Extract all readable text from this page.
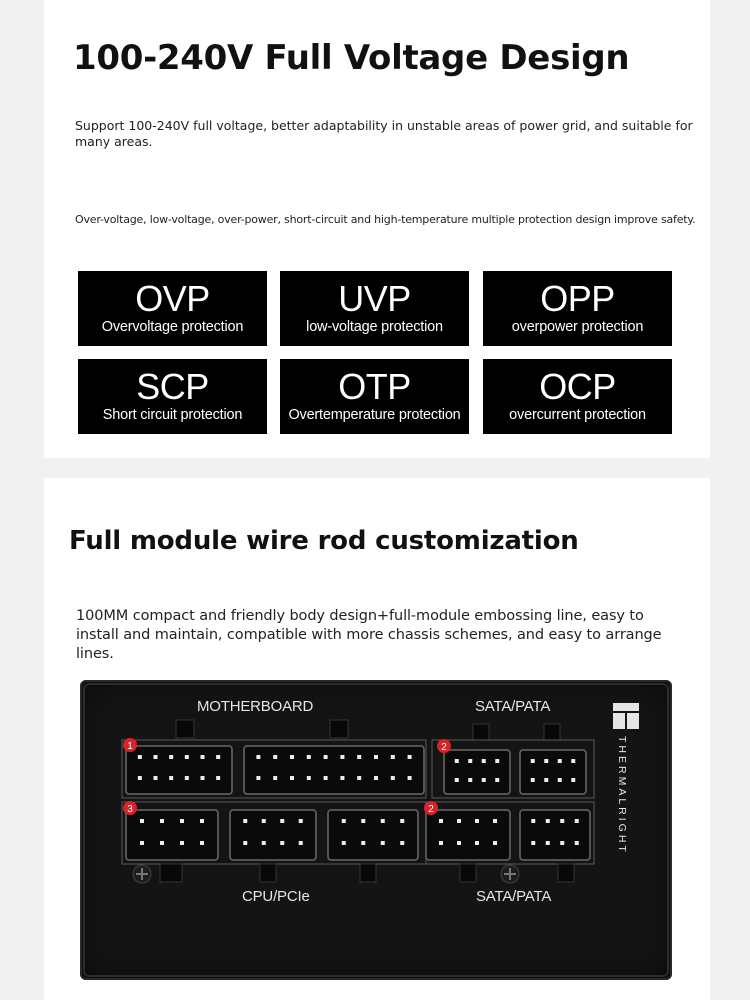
100-240V Full Voltage Design

Support 100-240V full voltage, better adaptability in unstable areas of power grid, and suitable for many areas.

Over-voltage, low-voltage, over-power, short-circuit and high-temperature multiple protection design improve safety.

OVP
Overvoltage protection
UVP
low-voltage protection
OPP
overpower protection
SCP
Short circuit protection
OTP
Overtemperature protection
OCP
overcurrent protection
Full module wire rod customization

100MM compact and friendly body design+full-module embossing line, easy to install and maintain, compatible with more chassis schemes, and easy to arrange lines.

1	2
3	2
MOTHERBOARD	SATA/PATA
CPU/PCIe	SATA/PATA
THERMALRIGHT
